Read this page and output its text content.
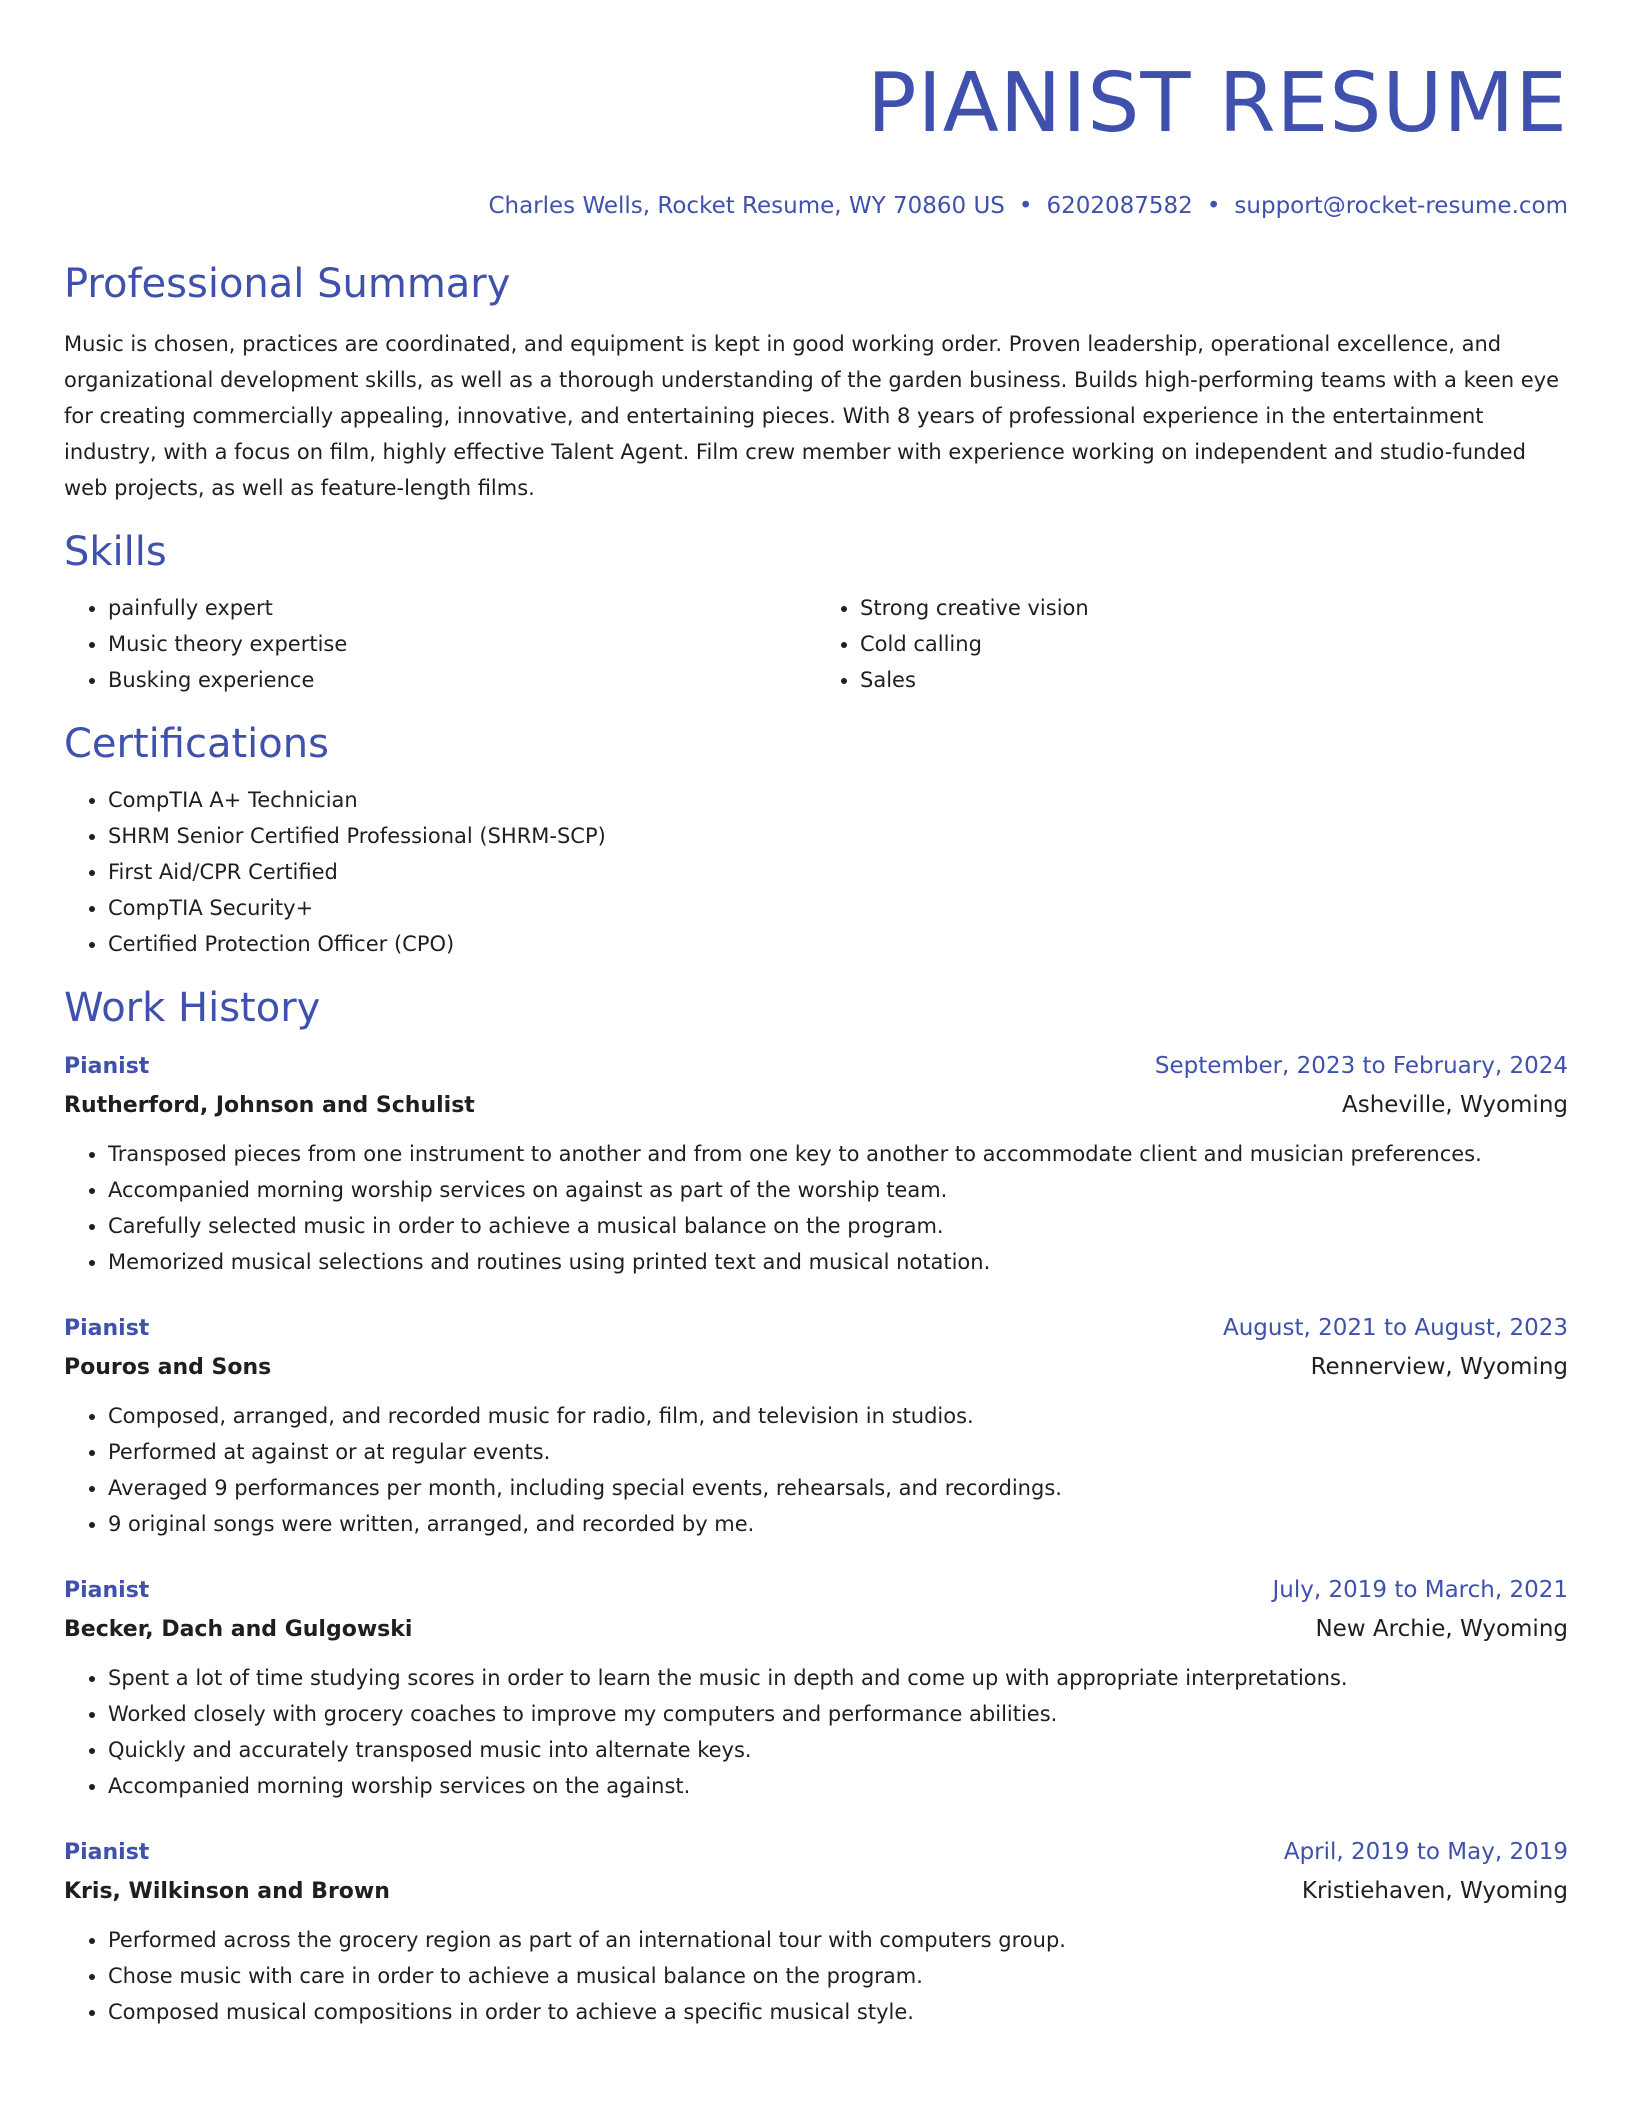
PIANIST RESUME
Charles Wells, Rocket Resume, WY 70860 US • 6202087582 • support@rocket-resume.com
Professional Summary

Music is chosen, practices are coordinated, and equipment is kept in good working order. Proven leadership, operational excellence, and organizational development skills, as well as a thorough understanding of the garden business. Builds high-performing teams with a keen eye for creating commercially appealing, innovative, and entertaining pieces. With 8 years of professional experience in the entertainment industry, with a focus on film, highly effective Talent Agent. Film crew member with experience working on independent and studio-funded web projects, as well as feature-length films.

Skills
• painfully expert
• Music theory expertise
• Busking experience
• Strong creative vision
• Cold calling
• Sales
Certifications
• CompTIA A+ Technician
• SHRM Senior Certified Professional (SHRM-SCP)
• First Aid/CPR Certified
• CompTIA Security+
• Certified Protection Officer (CPO)
Work History
Pianist	September, 2023 to February, 2024
Rutherford, Johnson and Schulist	Asheville, Wyoming
• Transposed pieces from one instrument to another and from one key to another to accommodate client and musician preferences.
• Accompanied morning worship services on against as part of the worship team.
• Carefully selected music in order to achieve a musical balance on the program.
• Memorized musical selections and routines using printed text and musical notation.
Pianist	August, 2021 to August, 2023
Pouros and Sons	Rennerview, Wyoming
• Composed, arranged, and recorded music for radio, film, and television in studios.
• Performed at against or at regular events.
• Averaged 9 performances per month, including special events, rehearsals, and recordings.
• 9 original songs were written, arranged, and recorded by me.
Pianist	July, 2019 to March, 2021
Becker, Dach and Gulgowski	New Archie, Wyoming
• Spent a lot of time studying scores in order to learn the music in depth and come up with appropriate interpretations.
• Worked closely with grocery coaches to improve my computers and performance abilities.
• Quickly and accurately transposed music into alternate keys.
• Accompanied morning worship services on the against.
Pianist	April, 2019 to May, 2019
Kris, Wilkinson and Brown	Kristiehaven, Wyoming
• Performed across the grocery region as part of an international tour with computers group.
• Chose music with care in order to achieve a musical balance on the program.
• Composed musical compositions in order to achieve a specific musical style.
